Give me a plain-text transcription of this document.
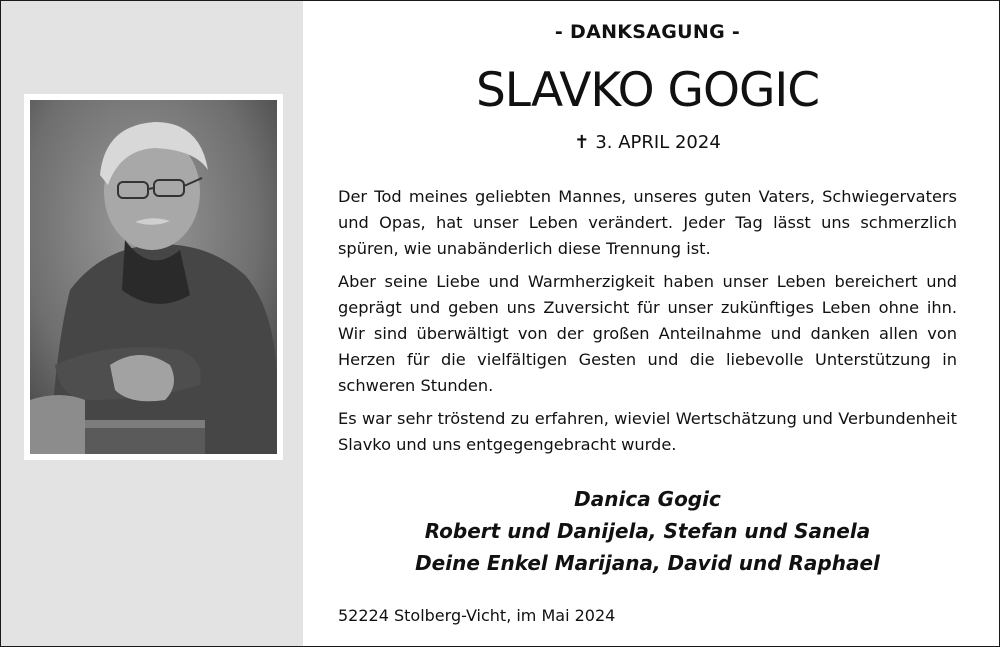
- DANKSAGUNG -
SLAVKO GOGIC
✝ 3. APRIL 2024

Der Tod meines geliebten Mannes, unseres guten Vaters, Schwiegervaters und Opas, hat unser Leben verändert. Jeder Tag lässt uns schmerzlich spüren, wie unabänderlich diese Trennung ist.

Aber seine Liebe und Warmherzigkeit haben unser Leben bereichert und geprägt und geben uns Zuversicht für unser zukünftiges Leben ohne ihn. Wir sind überwältigt von der großen Anteilnahme und danken allen von Herzen für die vielfältigen Gesten und die liebevolle Unterstützung in schweren Stunden.

Es war sehr tröstend zu erfahren, wieviel Wertschätzung und Verbundenheit Slavko und uns entgegengebracht wurde.

Danica Gogic
Robert und Danijela, Stefan und Sanela
Deine Enkel Marijana, David und Raphael
52224 Stolberg-Vicht, im Mai 2024
